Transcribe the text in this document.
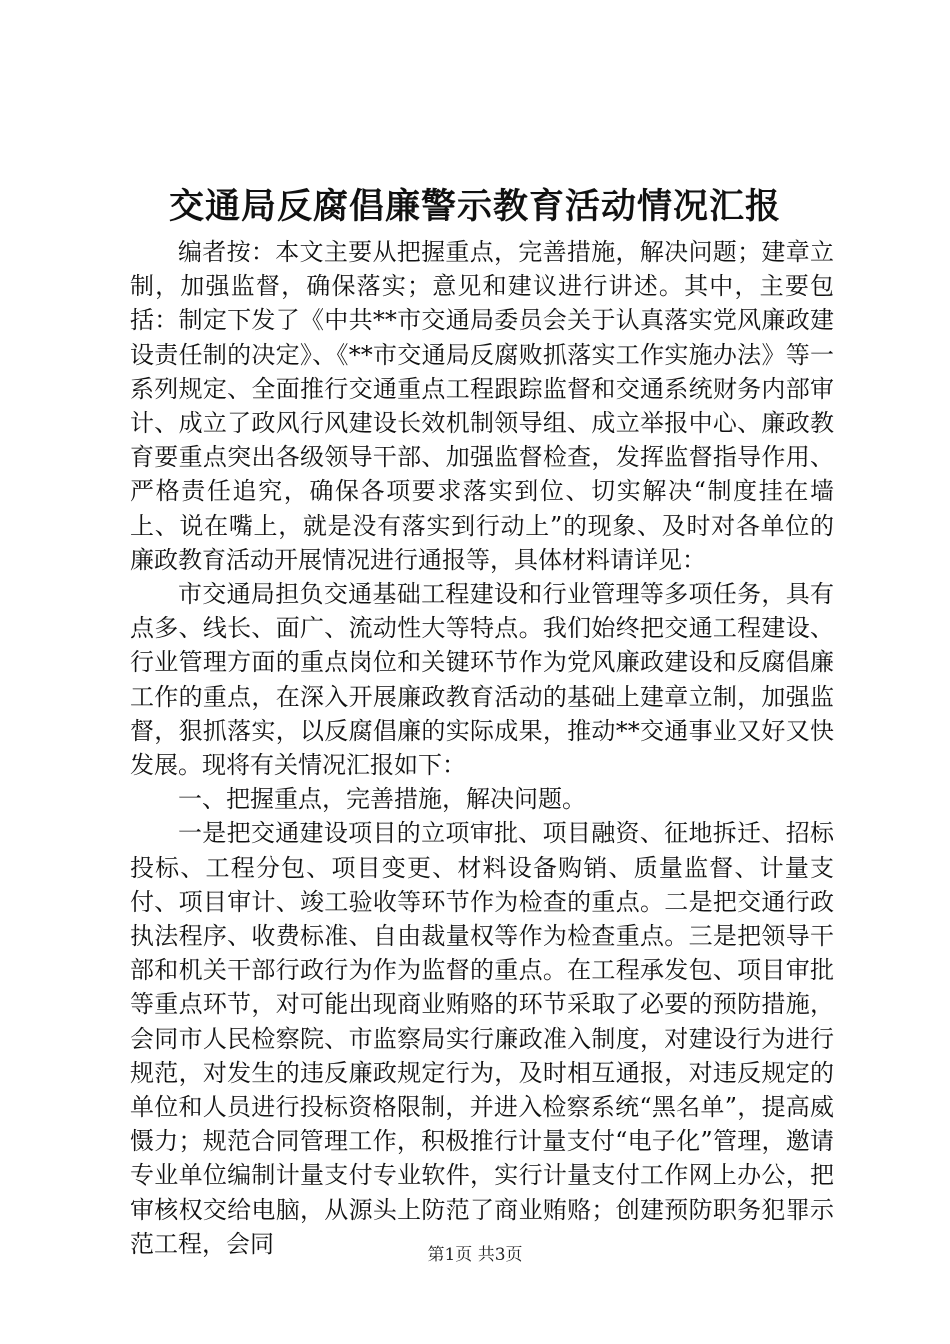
交通局反腐倡廉警示教育活动情况汇报

编者按：本文主要从把握重点，完善措施，解决问题；建章立制，加强监督，确保落实；意见和建议进行讲述。其中，主要包括：制定下发了《中共**市交通局委员会关于认真落实党风廉政建设责任制的决定》、《**市交通局反腐败抓落实工作实施办法》等一系列规定、全面推行交通重点工程跟踪监督和交通系统财务内部审计、成立了政风行风建设长效机制领导组、成立举报中心、廉政教育要重点突出各级领导干部、加强监督检查，发挥监督指导作用、严格责任追究，确保各项要求落实到位、切实解决“制度挂在墙上、说在嘴上，就是没有落实到行动上”的现象、及时对各单位的廉政教育活动开展情况进行通报等，具体材料请详见：

市交通局担负交通基础工程建设和行业管理等多项任务，具有点多、线长、面广、流动性大等特点。我们始终把交通工程建设、行业管理方面的重点岗位和关键环节作为党风廉政建设和反腐倡廉工作的重点，在深入开展廉政教育活动的基础上建章立制，加强监督，狠抓落实，以反腐倡廉的实际成果，推动**交通事业又好又快发展。现将有关情况汇报如下：

一、把握重点，完善措施，解决问题。

一是把交通建设项目的立项审批、项目融资、征地拆迁、招标投标、工程分包、项目变更、材料设备购销、质量监督、计量支付、项目审计、竣工验收等环节作为检查的重点。二是把交通行政执法程序、收费标准、自由裁量权等作为检查重点。三是把领导干部和机关干部行政行为作为监督的重点。在工程承发包、项目审批等重点环节，对可能出现商业贿赂的环节采取了必要的预防措施，会同市人民检察院、市监察局实行廉政准入制度，对建设行为进行规范，对发生的违反廉政规定行为，及时相互通报，对违反规定的单位和人员进行投标资格限制，并进入检察系统“黑名单”，提高威慑力；规范合同管理工作，积极推行计量支付“电子化”管理，邀请专业单位编制计量支付专业软件，实行计量支付工作网上办公，把审核权交给电脑，从源头上防范了商业贿赂；创建预防职务犯罪示范工程，会同	第1页 共3页
